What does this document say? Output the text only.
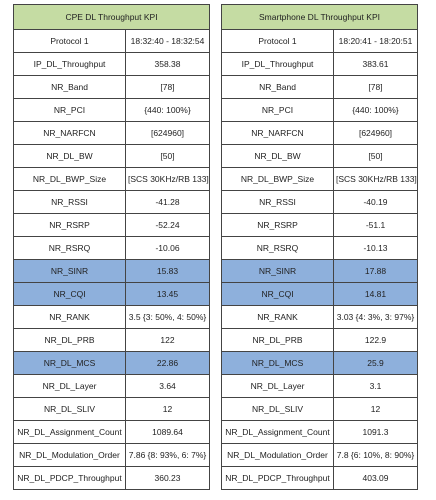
CPE DL Throughput KPI	
Protocol 1	18:32:40 - 18:32:54
IP_DL_Throughput	358.38
NR_Band	[78]
NR_PCI	{440: 100%}
NR_NARFCN	[624960]
NR_DL_BW	[50]
NR_DL_BWP_Size	[SCS 30KHz/RB 133]
NR_RSSI	-41.28
NR_RSRP	-52.24
NR_RSRQ	-10.06
NR_SINR	15.83
NR_CQI	13.45
NR_RANK	3.5 {3: 50%, 4: 50%}
NR_DL_PRB	122
NR_DL_MCS	22.86
NR_DL_Layer	3.64
NR_DL_SLIV	12
NR_DL_Assignment_Count	1089.64
NR_DL_Modulation_Order	7.86 {8: 93%, 6: 7%}
NR_DL_PDCP_Throughput	360.23
Smartphone DL Throughput KPI	
Protocol 1	18:20:41 - 18:20:51
IP_DL_Throughput	383.61
NR_Band	[78]
NR_PCI	{440: 100%}
NR_NARFCN	[624960]
NR_DL_BW	[50]
NR_DL_BWP_Size	[SCS 30KHz/RB 133]
NR_RSSI	-40.19
NR_RSRP	-51.1
NR_RSRQ	-10.13
NR_SINR	17.88
NR_CQI	14.81
NR_RANK	3.03 {4: 3%, 3: 97%}
NR_DL_PRB	122.9
NR_DL_MCS	25.9
NR_DL_Layer	3.1
NR_DL_SLIV	12
NR_DL_Assignment_Count	1091.3
NR_DL_Modulation_Order	7.8 {6: 10%, 8: 90%}
NR_DL_PDCP_Throughput	403.09
